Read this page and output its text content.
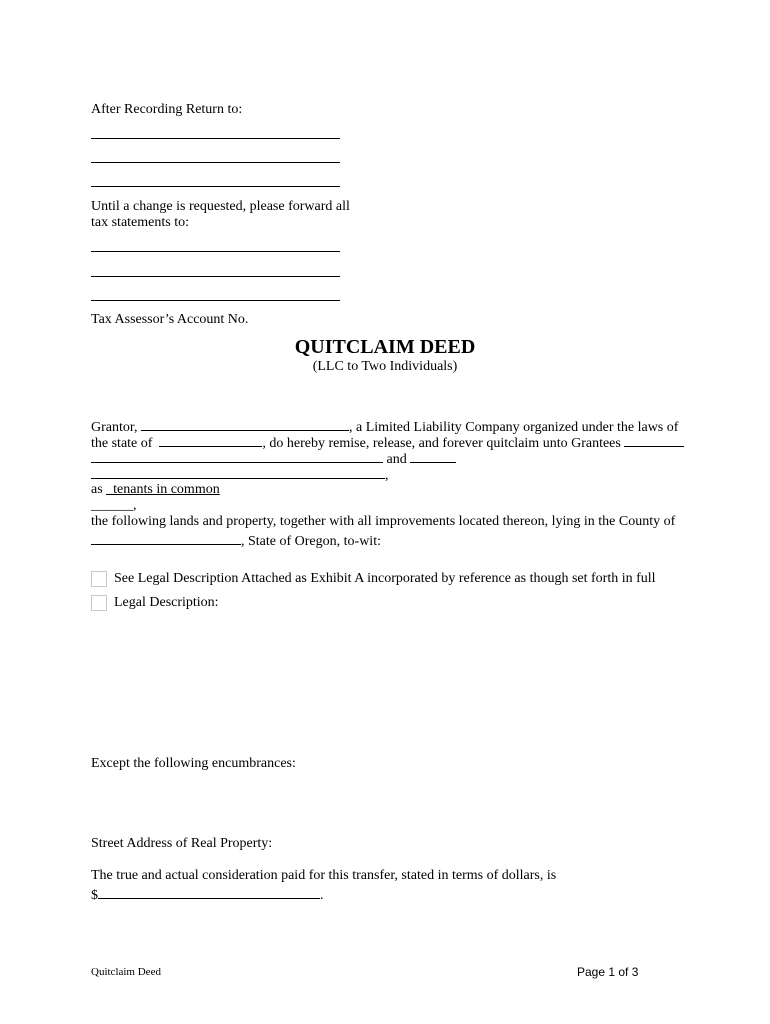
After Recording Return to:
Until a change is requested, please forward all
tax statements to:
Tax Assessor’s Account No.
QUITCLAIM DEED
(LLC to Two Individuals)
Grantor,	, a Limited Liability Company organized under the laws of
the state of	, do hereby remise, release, and forever quitclaim unto Grantees
and
,
as _tenants in common
______,
the following lands and property, together with all improvements located thereon, lying in the County of
, State of Oregon, to-wit:
See Legal Description Attached as Exhibit A incorporated by reference as though set forth in full
Legal Description:
Except the following encumbrances:
Street Address of Real Property:
The true and actual consideration paid for this transfer, stated in terms of dollars, is
$	.
Quitclaim Deed	Page 1 of 3
